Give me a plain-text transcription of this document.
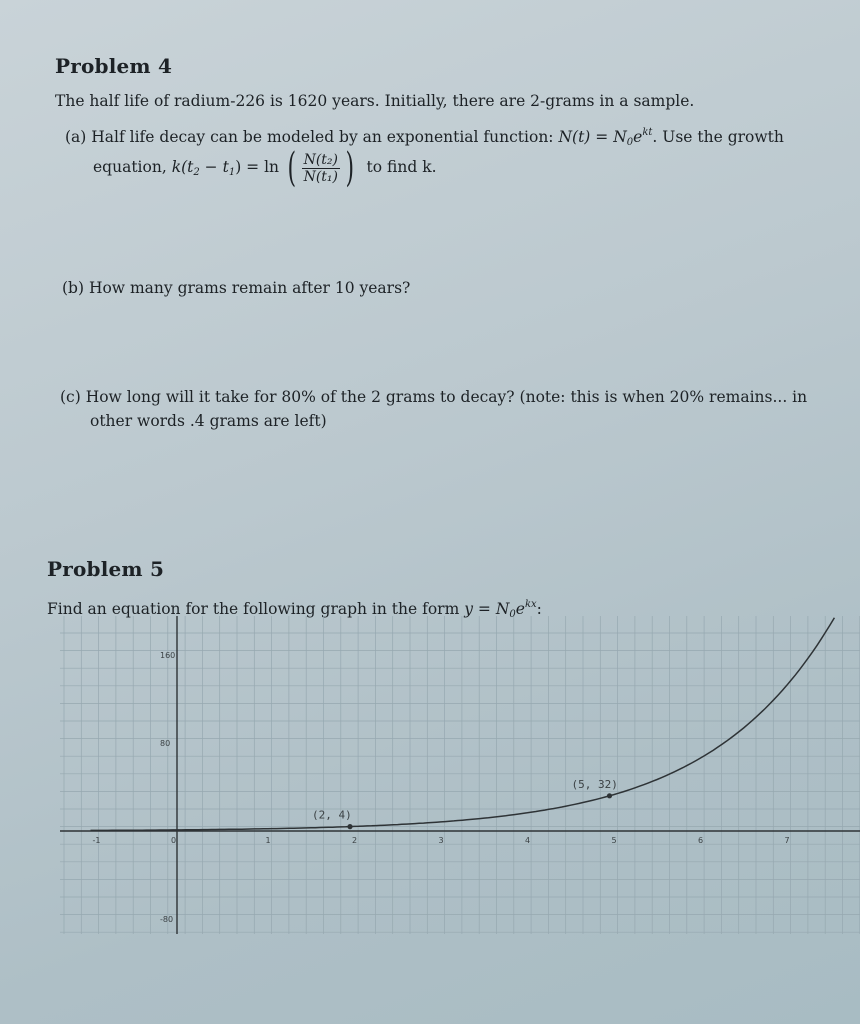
Problem 4
The half life of radium-226 is 1620 years. Initially, there are 2-grams in a sample.
(a) Half life decay can be modeled by an exponential function: $N(t) = N_0e^{kt}$. Use the growth
equation, $k(t_2 - t_1) = \ln$ ( $\frac{\text{N(t₂)}}{\text{N(t₁)}}$ ) to find k.
(b) How many grams remain after 10 years?
(c) How long will it take for 80% of the 2 grams to decay? (note: this is when 20% remains... in
other words .4 grams are left)
Problem 5
Find an equation for the following graph in the form $y = N_0e^{kx}$:
-1	0	1	2	3	4	5	6	7
160
80
-80
(2, 4)
(5, 32)
